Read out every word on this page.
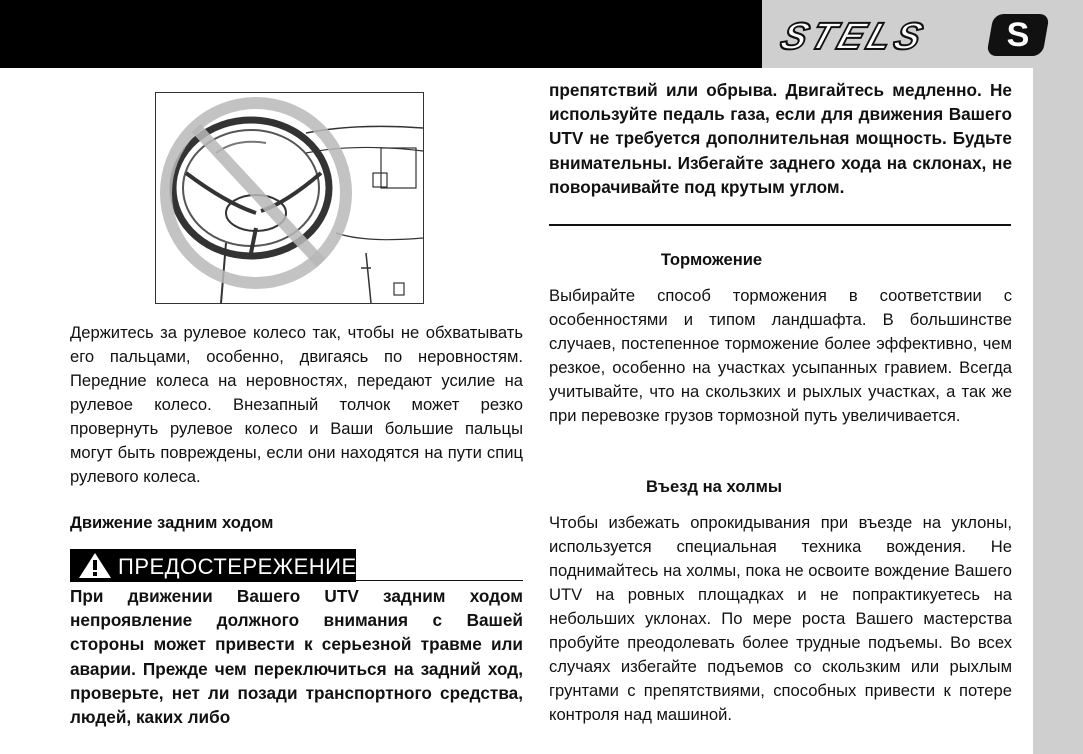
STELS	S

Держитесь за рулевое колесо так, чтобы не обхватывать его пальцами, особенно, двигаясь по неровностям. Передние колеса на неровностях, передают усилие на рулевое колесо. Внезапный толчок может резко провернуть рулевое колесо и Ваши большие пальцы могут быть повреждены, если они находятся на пути спиц рулевого колеса.

Движение задним ходом

ПРЕДОСТЕРЕЖЕНИЕ:

При движении Вашего UTV задним ходом непроявление должного внимания с Вашей стороны может привести к серьезной травме или аварии. Прежде чем переключиться на задний ход, проверьте, нет ли позади транспортного средства, людей, каких либо

препятствий или обрыва. Двигайтесь медленно. Не используйте педаль газа, если для движения Вашего UTV не требуется дополнительная мощность. Будьте внимательны. Избегайте заднего хода на склонах, не поворачивайте под крутым углом.

Торможение

Выбирайте способ торможения в соответствии с особенностями и типом ландшафта. В большинстве случаев, постепенное торможение более эффективно, чем резкое, особенно на участках усыпанных гравием. Всегда учитывайте, что на скользких и рыхлых участках, а так же при перевозке грузов тормозной путь увеличивается.

Въезд на холмы

Чтобы избежать опрокидывания при въезде на уклоны, используется специальная техника вождения. Не поднимайтесь на холмы, пока не освоите вождение Вашего UTV на ровных площадках и не попрактикуетесь на небольших уклонах. По мере роста Вашего мастерства пробуйте преодолевать более трудные подъемы. Во всех случаях избегайте подъемов со скользким или рыхлым грунтами с препятствиями, способных привести к потере контроля над машиной.
